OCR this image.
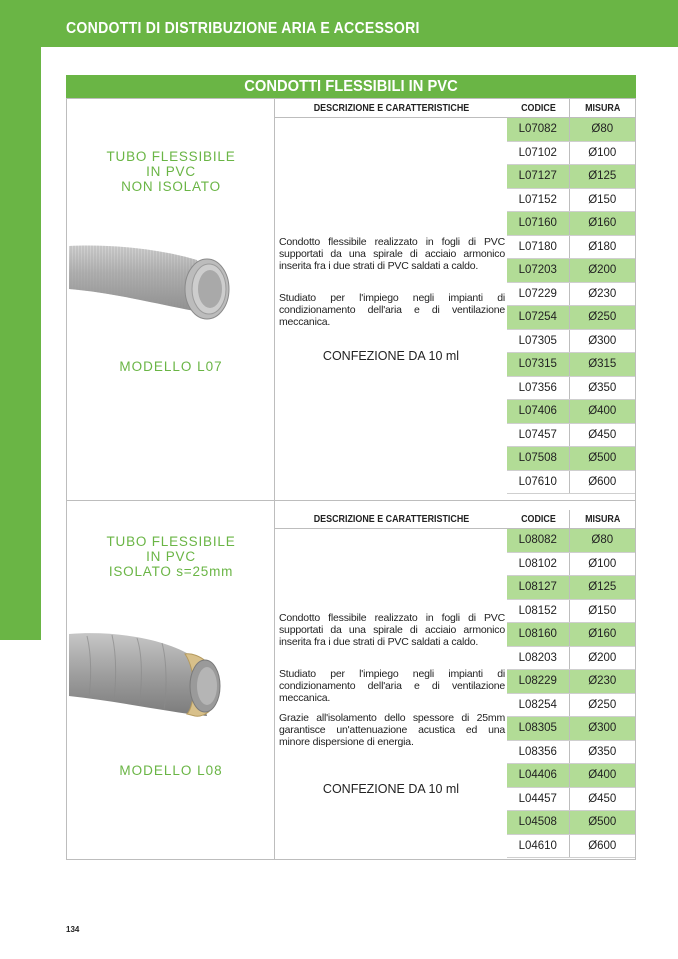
CONDOTTI DI DISTRIBUZIONE ARIA E ACCESSORI
CONDOTTI FLESSIBILI IN PVC
TUBO FLESSIBILE
IN PVC
NON ISOLATO
MODELLO L07
DESCRIZIONE E CARATTERISTICHE
Condotto flessibile realizzato in fogli di PVC supportati da una spirale di acciaio armonico inserita fra i due strati di PVC saldati a caldo.
Studiato per l'impiego negli impianti di condizionamento dell'aria e di ventilazione meccanica.
CONFEZIONE DA 10 ml
CODICE	MISURA
L07082	Ø80
L07102	Ø100
L07127	Ø125
L07152	Ø150
L07160	Ø160
L07180	Ø180
L07203	Ø200
L07229	Ø230
L07254	Ø250
L07305	Ø300
L07315	Ø315
L07356	Ø350
L07406	Ø400
L07457	Ø450
L07508	Ø500
L07610	Ø600
TUBO FLESSIBILE
IN PVC
ISOLATO s=25mm
MODELLO L08
DESCRIZIONE E CARATTERISTICHE
Condotto flessibile realizzato in fogli di PVC supportati da una spirale di acciaio armonico inserita fra i due strati di PVC saldati a caldo.
Studiato per l'impiego negli impianti di condizionamento dell'aria e di ventilazione meccanica.
Grazie all'isolamento dello spessore di 25mm garantisce un'attenuazione acustica ed una minore dispersione di energia.
CONFEZIONE DA 10 ml
CODICE	MISURA
L08082	Ø80
L08102	Ø100
L08127	Ø125
L08152	Ø150
L08160	Ø160
L08203	Ø200
L08229	Ø230
L08254	Ø250
L08305	Ø300
L08356	Ø350
L04406	Ø400
L04457	Ø450
L04508	Ø500
L04610	Ø600
134
